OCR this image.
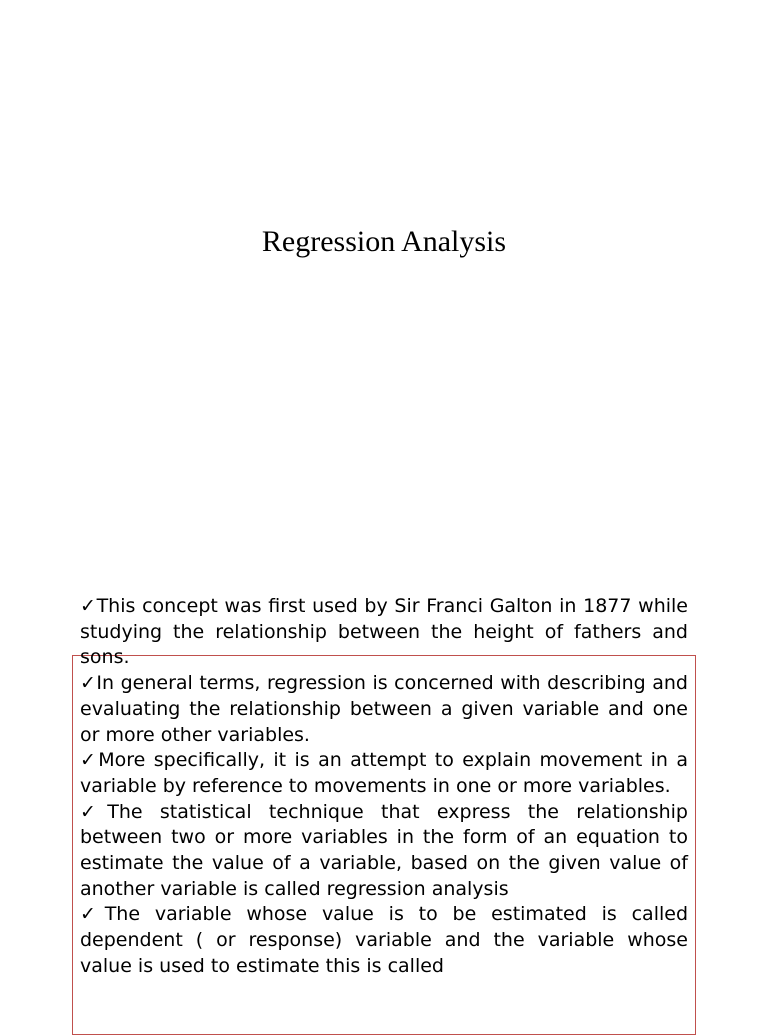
Regression Analysis

✓This concept was first used by Sir Franci Galton in 1877 while studying the relationship between the height of fathers and sons.

✓In general terms, regression is concerned with describing and evaluating the relationship between a given variable and one or more other variables.

✓More specifically, it is an attempt to explain movement in a variable by reference to movements in one or more variables.

✓The statistical technique that express the relationship between two or more variables in the form of an equation to estimate the value of a variable, based on the given value of another variable is called regression analysis

✓The variable whose value is to be estimated is called dependent ( or response) variable and the variable whose value is used to estimate this is called
